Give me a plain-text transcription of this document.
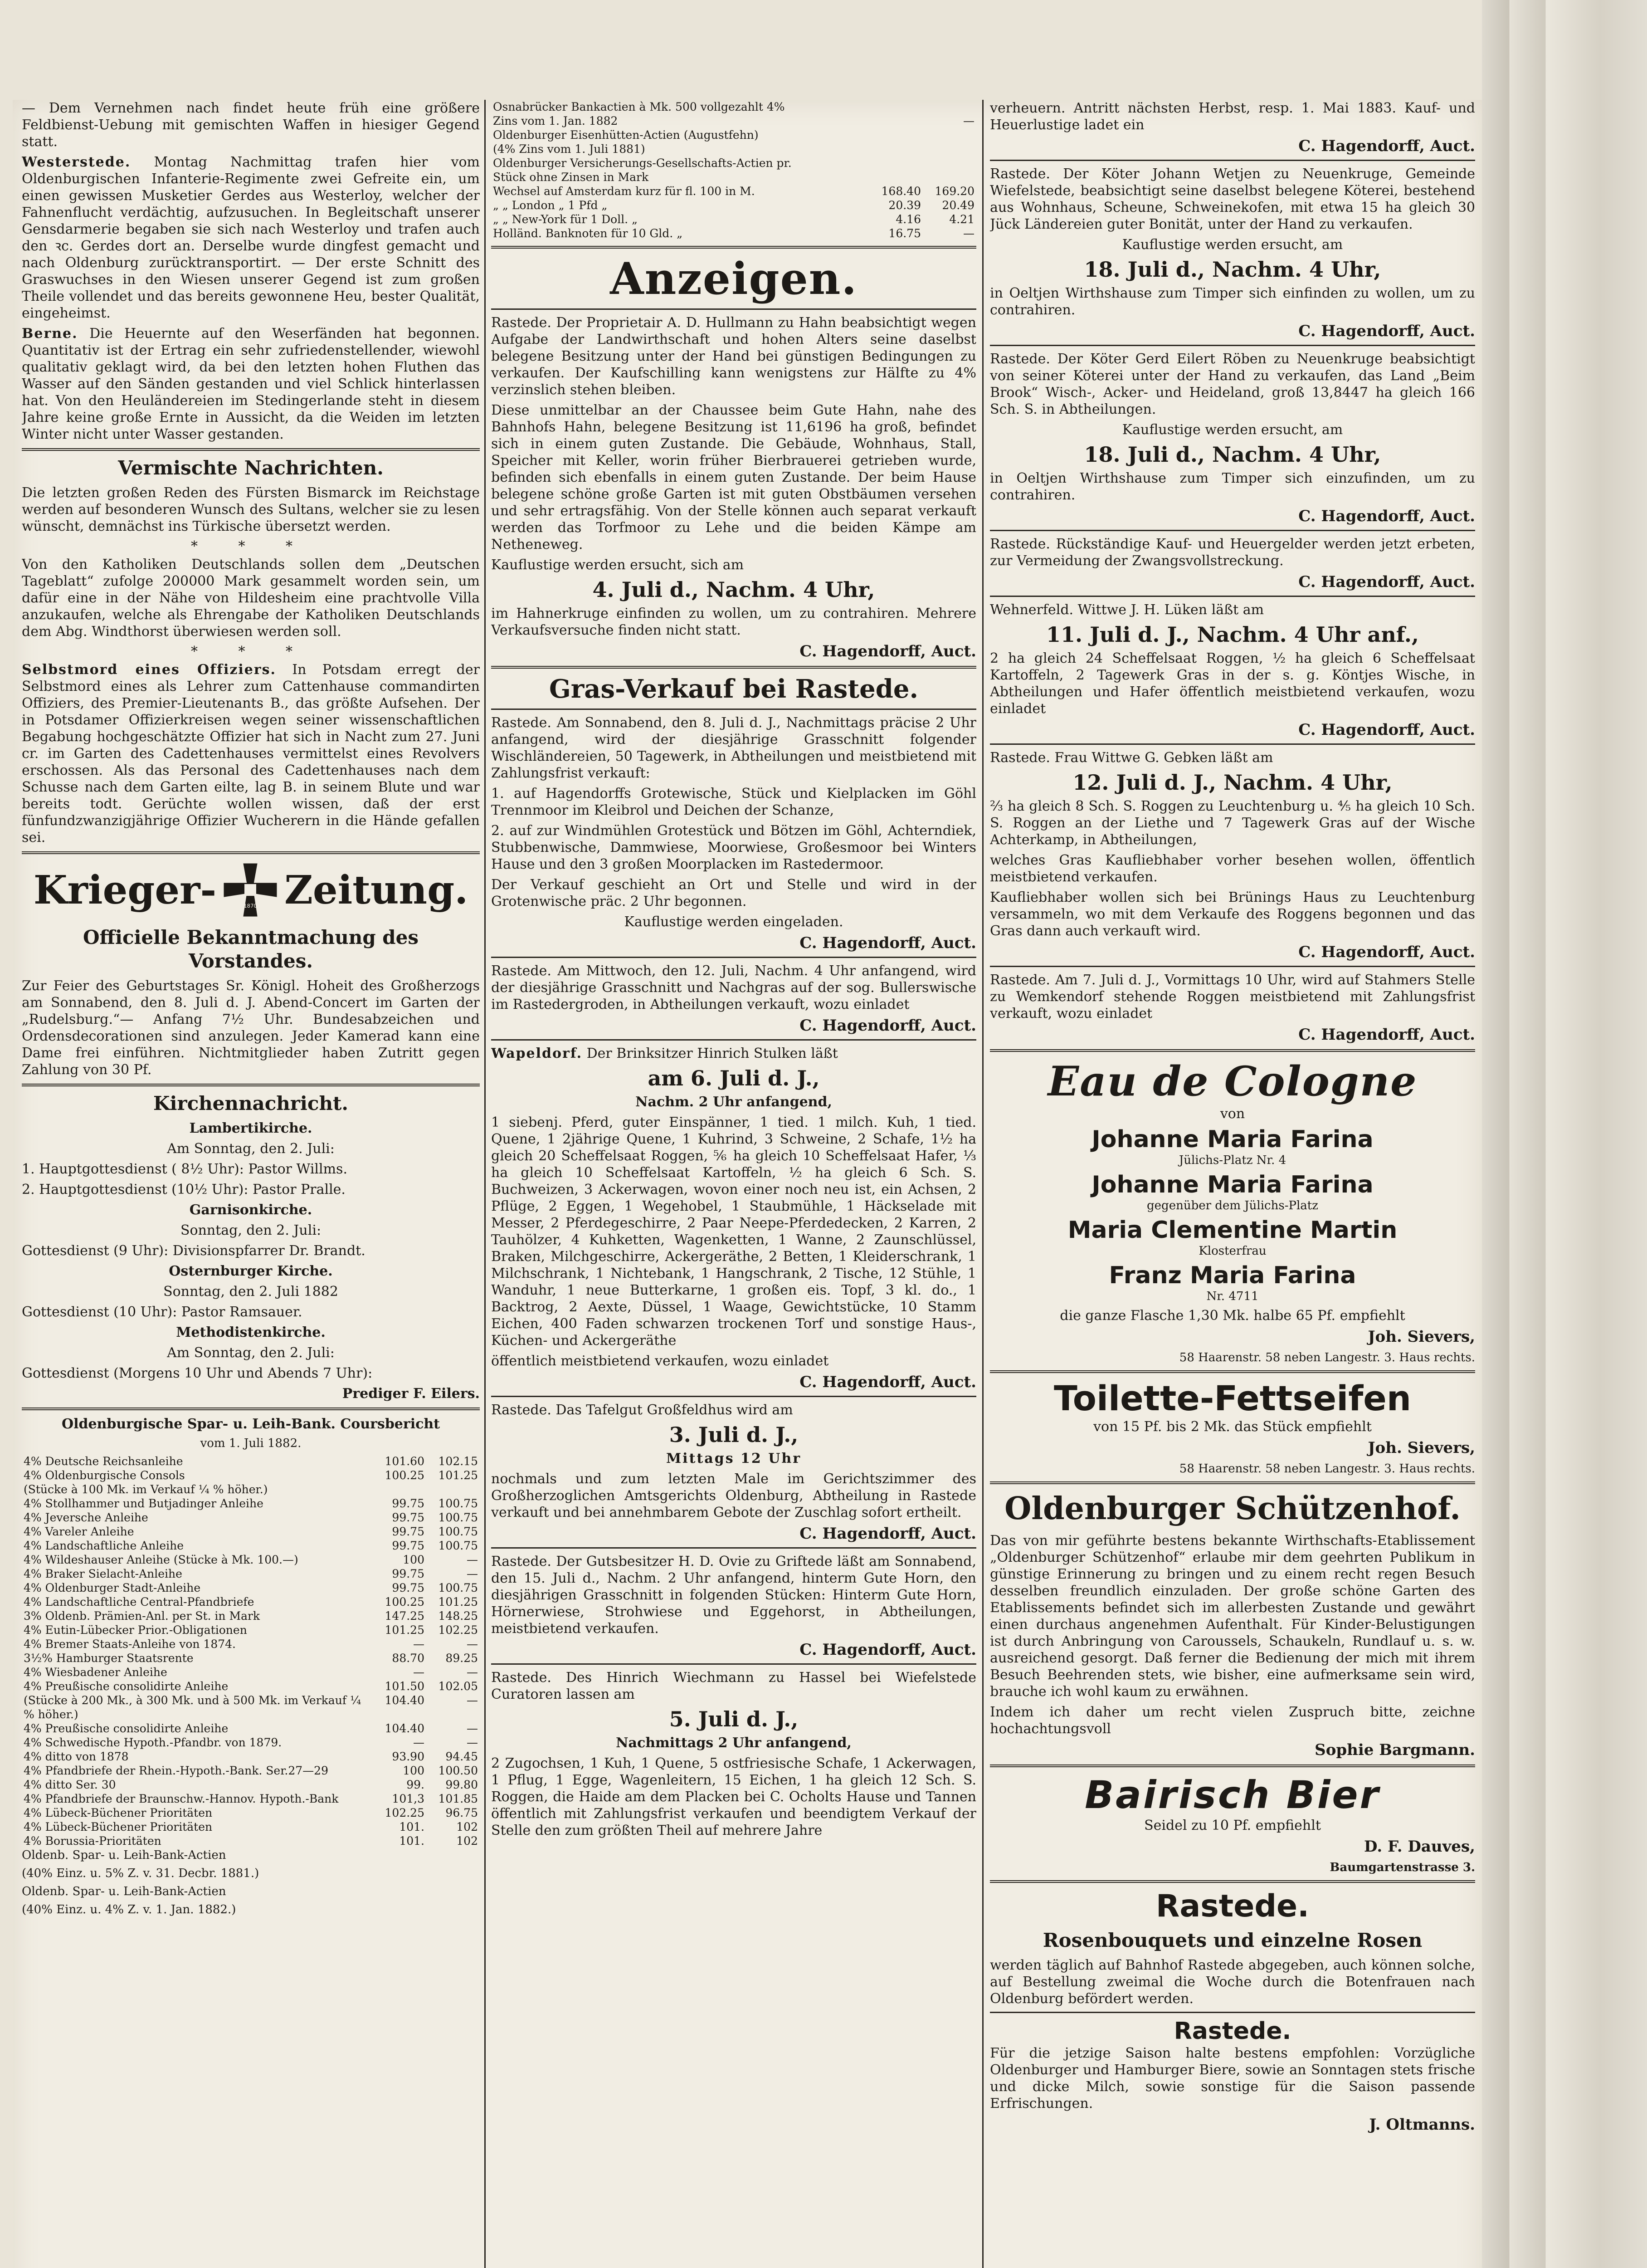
— Dem Vernehmen nach findet heute früh eine größere Feldbienst-Uebung mit gemischten Waffen in hiesiger Gegend statt.

Westerstede. Montag Nachmittag trafen hier vom Oldenburgischen Infanterie-Regimente zwei Gefreite ein, um einen gewissen Musketier Gerdes aus Westerloy, welcher der Fahnenflucht verdächtig, aufzusuchen. In Begleitschaft unserer Gensdarmerie begaben sie sich nach Westerloy und trafen auch den ꝛc. Gerdes dort an. Derselbe wurde dingfest gemacht und nach Oldenburg zurücktransportirt. — Der erste Schnitt des Graswuchses in den Wiesen unserer Gegend ist zum großen Theile vollendet und das bereits gewonnene Heu, bester Qualität, eingeheimst.

Berne. Die Heuernte auf den Weserfänden hat begonnen. Quantitativ ist der Ertrag ein sehr zufriedenstellender, wiewohl qualitativ geklagt wird, da bei den letzten hohen Fluthen das Wasser auf den Sänden gestanden und viel Schlick hinterlassen hat. Von den Heuländereien im Stedingerlande steht in diesem Jahre keine große Ernte in Aussicht, da die Weiden im letzten Winter nicht unter Wasser gestanden.

Vermischte Nachrichten.

Die letzten großen Reden des Fürsten Bismarck im Reichstage werden auf besonderen Wunsch des Sultans, welcher sie zu lesen wünscht, demnächst ins Türkische übersetzt werden.

* * *

Von den Katholiken Deutschlands sollen dem „Deutschen Tageblatt“ zufolge 200000 Mark gesammelt worden sein, um dafür eine in der Nähe von Hildesheim eine prachtvolle Villa anzukaufen, welche als Ehrengabe der Katholiken Deutschlands dem Abg. Windthorst überwiesen werden soll.

* * *

Selbstmord eines Offiziers. In Potsdam erregt der Selbstmord eines als Lehrer zum Cattenhause commandirten Offiziers, des Premier-Lieutenants B., das größte Aufsehen. Der in Potsdamer Offizierkreisen wegen seiner wissenschaftlichen Begabung hochgeschätzte Offizier hat sich in Nacht zum 27. Juni cr. im Garten des Cadettenhauses vermittelst eines Revolvers erschossen. Als das Personal des Cadettenhauses nach dem Schusse nach dem Garten eilte, lag B. in seinem Blute und war bereits todt. Gerüchte wollen wissen, daß der erst fünfundzwanzigjährige Offizier Wucherern in die Hände gefallen sei.

Krieger-	1870 Zeitung.
Officielle Bekanntmachung des Vorstandes.

Zur Feier des Geburtstages Sr. Königl. Hoheit des Großherzogs am Sonnabend, den 8. Juli d. J. Abend-Concert im Garten der „Rudelsburg.“— Anfang 7½ Uhr. Bundesabzeichen und Ordensdecorationen sind anzulegen. Jeder Kamerad kann eine Dame frei einführen. Nichtmitglieder haben Zutritt gegen Zahlung von 30 Pf.

Kirchennachricht.

Lambertikirche.

Am Sonntag, den 2. Juli:

1. Hauptgottesdienst ( 8½ Uhr): Pastor Willms.

2. Hauptgottesdienst (10½ Uhr): Pastor Pralle.

Garnisonkirche.

Sonntag, den 2. Juli:

Gottesdienst (9 Uhr): Divisionspfarrer Dr. Brandt.

Osternburger Kirche.

Sonntag, den 2. Juli 1882

Gottesdienst (10 Uhr): Pastor Ramsauer.

Methodistenkirche.

Am Sonntag, den 2. Juli:

Gottesdienst (Morgens 10 Uhr und Abends 7 Uhr):

Prediger F. Eilers.

Oldenburgische Spar- u. Leih-Bank. Coursbericht

vom 1. Juli 1882.

4% Deutsche Reichsanleihe	101.60	102.15
4% Oldenburgische Consols	100.25	101.25
(Stücke à 100 Mk. im Verkauf ¼ % höher.)		
4% Stollhammer und Butjadinger Anleihe	99.75	100.75
4% Jeversche Anleihe	99.75	100.75
4% Vareler Anleihe	99.75	100.75
4% Landschaftliche Anleihe	99.75	100.75
4% Wildeshauser Anleihe (Stücke à Mk. 100.—)	100	—
4% Braker Sielacht-Anleihe	99.75	—
4% Oldenburger Stadt-Anleihe	99.75	100.75
4% Landschaftliche Central-Pfandbriefe	100.25	101.25
3% Oldenb. Prämien-Anl. per St. in Mark	147.25	148.25
4% Eutin-Lübecker Prior.-Obligationen	101.25	102.25
4% Bremer Staats-Anleihe von 1874.	—	—
3½% Hamburger Staatsrente	88.70	89.25
4% Wiesbadener Anleihe	—	—
4% Preußische consolidirte Anleihe	101.50	102.05
(Stücke à 200 Mk., à 300 Mk. und à 500 Mk. im Verkauf ¼ % höher.)	104.40	—
4% Preußische consolidirte Anleihe	104.40	—
4% Schwedische Hypoth.-Pfandbr. von 1879.	—	—
4% ditto von 1878	93.90	94.45
4% Pfandbriefe der Rhein.-Hypoth.-Bank. Ser.27—29	100	100.50
4% ditto Ser. 30	99.	99.80
4% Pfandbriefe der Braunschw.-Hannov. Hypoth.-Bank	101,3	101.85
4% Lübeck-Büchener Prioritäten	102.25	96.75
4% Lübeck-Büchener Prioritäten	101.	102
4% Borussia-Prioritäten	101.	102

Oldenb. Spar- u. Leih-Bank-Actien

(40% Einz. u. 5% Z. v. 31. Decbr. 1881.)

Oldenb. Spar- u. Leih-Bank-Actien

(40% Einz. u. 4% Z. v. 1. Jan. 1882.)

Osnabrücker Bankactien à Mk. 500 vollgezahlt 4%		
Zins vom 1. Jan. 1882		—
Oldenburger Eisenhütten-Actien (Augustfehn)		
(4% Zins vom 1. Juli 1881)		
Oldenburger Versicherungs-Gesellschafts-Actien pr.		
Stück ohne Zinsen in Mark		
Wechsel auf Amsterdam kurz für fl. 100 in M.	168.40	169.20
„ „ London „ 1 Pfd „	20.39	20.49
„ „ New-York für 1 Doll. „	4.16	4.21
Holländ. Banknoten für 10 Gld. „	16.75	—
Anzeigen.

Rastede. Der Proprietair A. D. Hullmann zu Hahn beabsichtigt wegen Aufgabe der Landwirthschaft und hohen Alters seine daselbst belegene Besitzung unter der Hand bei günstigen Bedingungen zu verkaufen. Der Kaufschilling kann wenigstens zur Hälfte zu 4% verzinslich stehen bleiben.

Diese unmittelbar an der Chaussee beim Gute Hahn, nahe des Bahnhofs Hahn, belegene Besitzung ist 11,6196 ha groß, befindet sich in einem guten Zustande. Die Gebäude, Wohnhaus, Stall, Speicher mit Keller, worin früher Bierbrauerei getrieben wurde, befinden sich ebenfalls in einem guten Zustande. Der beim Hause belegene schöne große Garten ist mit guten Obstbäumen versehen und sehr ertragsfähig. Von der Stelle können auch separat verkauft werden das Torfmoor zu Lehe und die beiden Kämpe am Netheneweg.

Kauflustige werden ersucht, sich am

4. Juli d., Nachm. 4 Uhr,

im Hahnerkruge einfinden zu wollen, um zu contrahiren. Mehrere Verkaufsversuche finden nicht statt.

C. Hagendorff, Auct.
Gras-Verkauf bei Rastede.

Rastede. Am Sonnabend, den 8. Juli d. J., Nachmittags präcise 2 Uhr anfangend, wird der diesjährige Grasschnitt folgender Wischländereien, 50 Tagewerk, in Abtheilungen und meistbietend mit Zahlungsfrist verkauft:

1. auf Hagendorffs Grotewische, Stück und Kielplacken im Göhl Trennmoor im Kleibrol und Deichen der Schanze,

2. auf zur Windmühlen Grotestück und Bötzen im Göhl, Achterndiek, Stubbenwische, Dammwiese, Moorwiese, Großesmoor bei Winters Hause und den 3 großen Moorplacken im Rastedermoor.

Der Verkauf geschieht an Ort und Stelle und wird in der Grotenwische präc. 2 Uhr begonnen.

Kauflustige werden eingeladen.

C. Hagendorff, Auct.

Rastede. Am Mittwoch, den 12. Juli, Nachm. 4 Uhr anfangend, wird der diesjährige Grasschnitt und Nachgras auf der sog. Bullerswische im Rastedergroden, in Abtheilungen verkauft, wozu einladet

C. Hagendorff, Auct.

Wapeldorf. Der Brinksitzer Hinrich Stulken läßt

am 6. Juli d. J.,

Nachm. 2 Uhr anfangend,

1 siebenj. Pferd, guter Einspänner, 1 tied. 1 milch. Kuh, 1 tied. Quene, 1 2jährige Quene, 1 Kuhrind, 3 Schweine, 2 Schafe, 1½ ha gleich 20 Scheffelsaat Roggen, ⅚ ha gleich 10 Scheffelsaat Hafer, ⅓ ha gleich 10 Scheffelsaat Kartoffeln, ½ ha gleich 6 Sch. S. Buchweizen, 3 Ackerwagen, wovon einer noch neu ist, ein Achsen, 2 Pflüge, 2 Eggen, 1 Wegehobel, 1 Staubmühle, 1 Häckselade mit Messer, 2 Pferdegeschirre, 2 Paar Neepe-Pferdedecken, 2 Karren, 2 Tauhölzer, 4 Kuhketten, Wagenketten, 1 Wanne, 2 Zaunschlüssel, Braken, Milchgeschirre, Ackergeräthe, 2 Betten, 1 Kleiderschrank, 1 Milchschrank, 1 Nichtebank, 1 Hangschrank, 2 Tische, 12 Stühle, 1 Wanduhr, 1 neue Butterkarne, 1 großen eis. Topf, 3 kl. do., 1 Backtrog, 2 Aexte, Düssel, 1 Waage, Gewichtstücke, 10 Stamm Eichen, 400 Faden schwarzen trockenen Torf und sonstige Haus-, Küchen- und Ackergeräthe

öffentlich meistbietend verkaufen, wozu einladet

C. Hagendorff, Auct.

Rastede. Das Tafelgut Großfeldhus wird am

3. Juli d. J.,

Mittags 12 Uhr

nochmals und zum letzten Male im Gerichtszimmer des Großherzoglichen Amtsgerichts Oldenburg, Abtheilung in Rastede verkauft und bei annehmbarem Gebote der Zuschlag sofort ertheilt.

C. Hagendorff, Auct.

Rastede. Der Gutsbesitzer H. D. Ovie zu Griftede läßt am Sonnabend, den 15. Juli d., Nachm. 2 Uhr anfangend, hinterm Gute Horn, den diesjährigen Grasschnitt in folgenden Stücken: Hinterm Gute Horn, Hörnerwiese, Strohwiese und Eggehorst, in Abtheilungen, meistbietend verkaufen.

C. Hagendorff, Auct.

Rastede. Des Hinrich Wiechmann zu Hassel bei Wiefelstede Curatoren lassen am

5. Juli d. J.,

Nachmittags 2 Uhr anfangend,

2 Zugochsen, 1 Kuh, 1 Quene, 5 ostfriesische Schafe, 1 Ackerwagen, 1 Pflug, 1 Egge, Wagenleitern, 15 Eichen, 1 ha gleich 12 Sch. S. Roggen, die Haide am dem Placken bei C. Ocholts Hause und Tannen öffentlich mit Zahlungsfrist verkaufen und beendigtem Verkauf der Stelle den zum größten Theil auf mehrere Jahre

verheuern. Antritt nächsten Herbst, resp. 1. Mai 1883. Kauf- und Heuerlustige ladet ein

C. Hagendorff, Auct.

Rastede. Der Köter Johann Wetjen zu Neuenkruge, Gemeinde Wiefelstede, beabsichtigt seine daselbst belegene Köterei, bestehend aus Wohnhaus, Scheune, Schweinekofen, mit etwa 15 ha gleich 30 Jück Ländereien guter Bonität, unter der Hand zu verkaufen.

Kauflustige werden ersucht, am

18. Juli d., Nachm. 4 Uhr,

in Oeltjen Wirthshause zum Timper sich einfinden zu wollen, um zu contrahiren.

C. Hagendorff, Auct.

Rastede. Der Köter Gerd Eilert Röben zu Neuenkruge beabsichtigt von seiner Köterei unter der Hand zu verkaufen, das Land „Beim Brook“ Wisch-, Acker- und Heideland, groß 13,8447 ha gleich 166 Sch. S. in Abtheilungen.

Kauflustige werden ersucht, am

18. Juli d., Nachm. 4 Uhr,

in Oeltjen Wirthshause zum Timper sich einzufinden, um zu contrahiren.

C. Hagendorff, Auct.

Rastede. Rückständige Kauf- und Heuergelder werden jetzt erbeten, zur Vermeidung der Zwangsvollstreckung.

C. Hagendorff, Auct.

Wehnerfeld. Wittwe J. H. Lüken läßt am

11. Juli d. J., Nachm. 4 Uhr anf.,

2 ha gleich 24 Scheffelsaat Roggen, ½ ha gleich 6 Scheffelsaat Kartoffeln, 2 Tagewerk Gras in der s. g. Köntjes Wische, in Abtheilungen und Hafer öffentlich meistbietend verkaufen, wozu einladet

C. Hagendorff, Auct.

Rastede. Frau Wittwe G. Gebken läßt am

12. Juli d. J., Nachm. 4 Uhr,

⅔ ha gleich 8 Sch. S. Roggen zu Leuchtenburg u. ⅘ ha gleich 10 Sch. S. Roggen an der Liethe und 7 Tagewerk Gras auf der Wische Achterkamp, in Abtheilungen,

welches Gras Kaufliebhaber vorher besehen wollen, öffentlich meistbietend verkaufen.

Kaufliebhaber wollen sich bei Brünings Haus zu Leuchtenburg versammeln, wo mit dem Verkaufe des Roggens begonnen und das Gras dann auch verkauft wird.

C. Hagendorff, Auct.

Rastede. Am 7. Juli d. J., Vormittags 10 Uhr, wird auf Stahmers Stelle zu Wemkendorf stehende Roggen meistbietend mit Zahlungsfrist verkauft, wozu einladet

C. Hagendorff, Auct.
Eau de Cologne

von

Johanne Maria Farina

Jülichs-Platz Nr. 4

Johanne Maria Farina

gegenüber dem Jülichs-Platz

Maria Clementine Martin

Klosterfrau

Franz Maria Farina

Nr. 4711

die ganze Flasche 1,30 Mk. halbe 65 Pf. empfiehlt

Joh. Sievers,

58 Haarenstr. 58 neben Langestr. 3. Haus rechts.

Toilette-Fettseifen

von 15 Pf. bis 2 Mk. das Stück empfiehlt

Joh. Sievers,

58 Haarenstr. 58 neben Langestr. 3. Haus rechts.

Oldenburger Schützenhof.

Das von mir geführte bestens bekannte Wirthschafts-Etablissement „Oldenburger Schützenhof“ erlaube mir dem geehrten Publikum in günstige Erinnerung zu bringen und zu einem recht regen Besuch desselben freundlich einzuladen. Der große schöne Garten des Etablissements befindet sich im allerbesten Zustande und gewährt einen durchaus angenehmen Aufenthalt. Für Kinder-Belustigungen ist durch Anbringung von Caroussels, Schaukeln, Rundlauf u. s. w. ausreichend gesorgt. Daß ferner die Bedienung der mich mit ihrem Besuch Beehrenden stets, wie bisher, eine aufmerksame sein wird, brauche ich wohl kaum zu erwähnen.

Indem ich daher um recht vielen Zuspruch bitte, zeichne hochachtungsvoll

Sophie Bargmann.
Bairisch Bier

Seidel zu 10 Pf. empfiehlt

D. F. Dauves,

Baumgartenstrasse 3.

Rastede.
Rosenbouquets und einzelne Rosen

werden täglich auf Bahnhof Rastede abgegeben, auch können solche, auf Bestellung zweimal die Woche durch die Botenfrauen nach Oldenburg befördert werden.

Rastede.

Für die jetzige Saison halte bestens empfohlen: Vorzügliche Oldenburger und Hamburger Biere, sowie an Sonntagen stets frische und dicke Milch, sowie sonstige für die Saison passende Erfrischungen.

J. Oltmanns.
